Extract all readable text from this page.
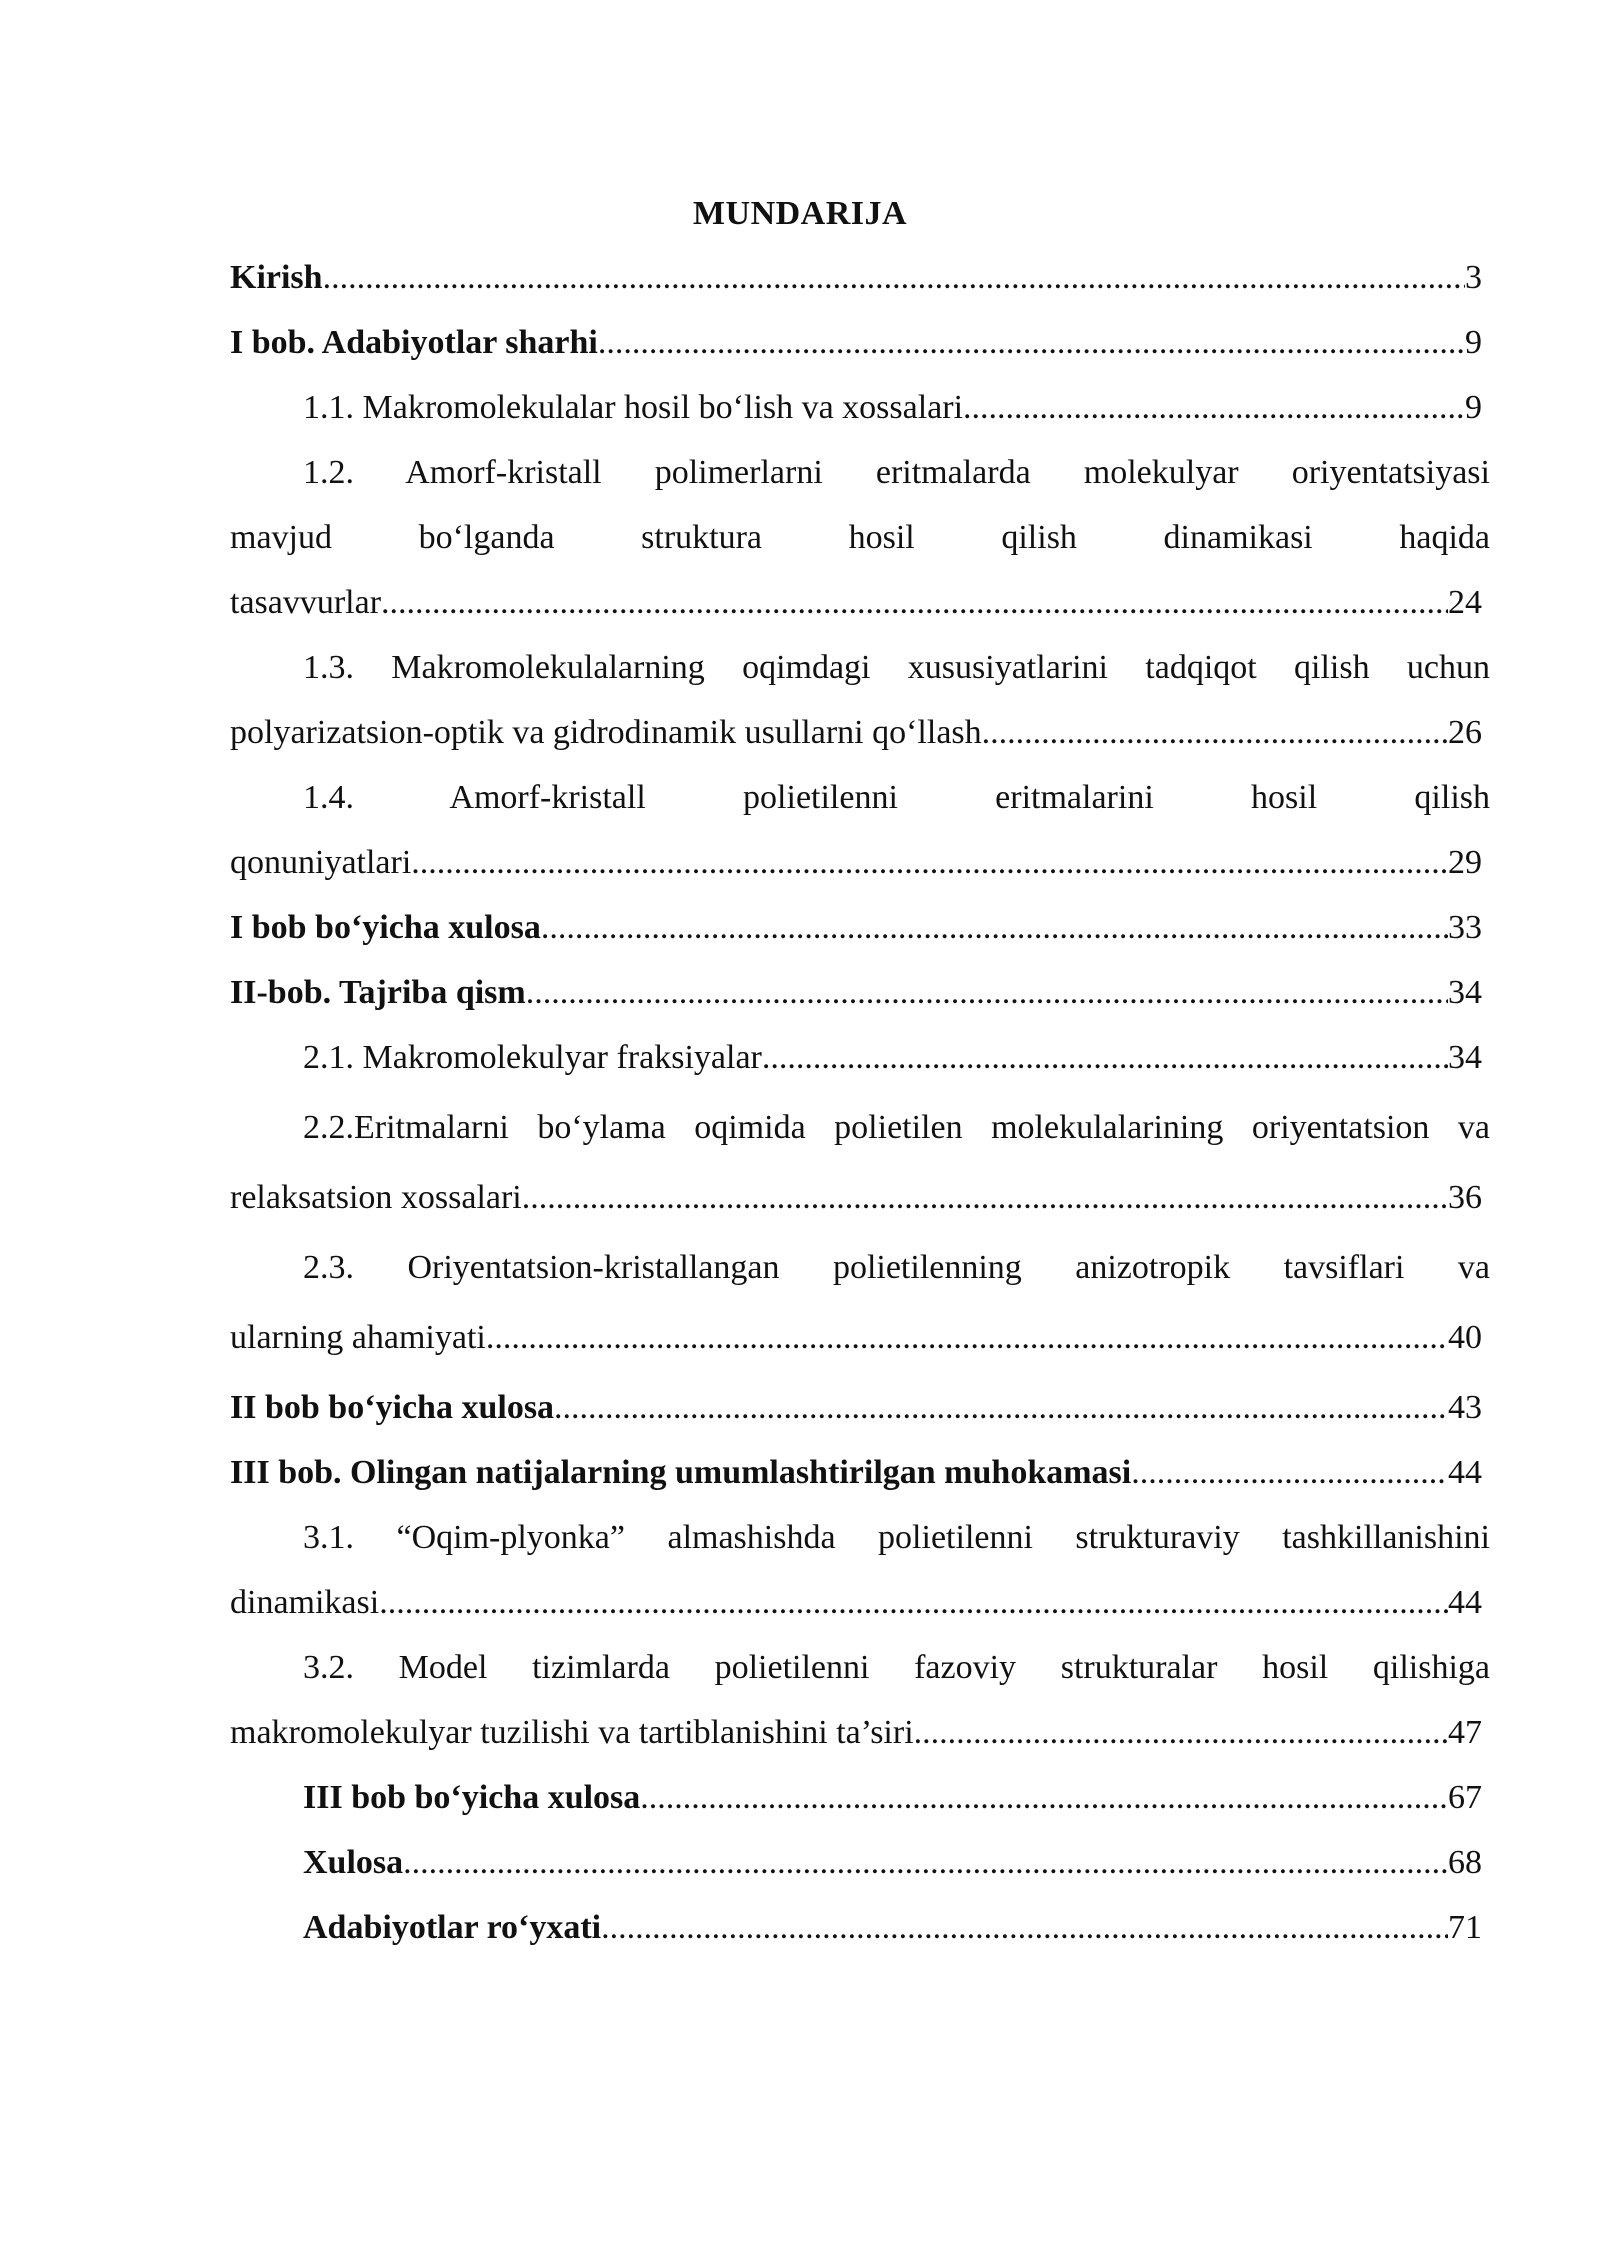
MUNDARIJA
Kirish .....	3
I bob. Adabiyotlar sharhi .....	9
1.1. Makromolekulalar hosil bo‘lish va xossalari .....	9
1.2. Amorf-kristall polimerlarni eritmalarda molekulyar oriyentatsiyasi
mavjud bo‘lganda struktura hosil qilish dinamikasi haqida
tasavvurlar .....	24
1.3. Makromolekulalarning oqimdagi xususiyatlarini tadqiqot qilish uchun
polyarizatsion-optik va gidrodinamik usullarni qo‘llash .....	26
1.4. Amorf-kristall polietilenni eritmalarini hosil qilish
qonuniyatlari .....	29
I bob bo‘yicha xulosa .....	33
II-bob. Tajriba qism .....	34
2.1. Makromolekulyar fraksiyalar .....	34
2.2.Eritmalarni bo‘ylama oqimida polietilen molekulalarining oriyentatsion va
relaksatsion xossalari .....	36
2.3. Oriyentatsion-kristallangan polietilenning anizotropik tavsiflari va
ularning ahamiyati .....	40
II bob bo‘yicha xulosa .....	43
III bob. Olingan natijalarning umumlashtirilgan muhokamasi .....	44
3.1. “Oqim-plyonka” almashishda polietilenni strukturaviy tashkillanishini
dinamikasi .....	44
3.2. Model tizimlarda polietilenni fazoviy strukturalar hosil qilishiga
makromolekulyar tuzilishi va tartiblanishini ta’siri .....	47
III bob bo‘yicha xulosa .....	67
Xulosa .....	68
Adabiyotlar ro‘yxati .....	71
